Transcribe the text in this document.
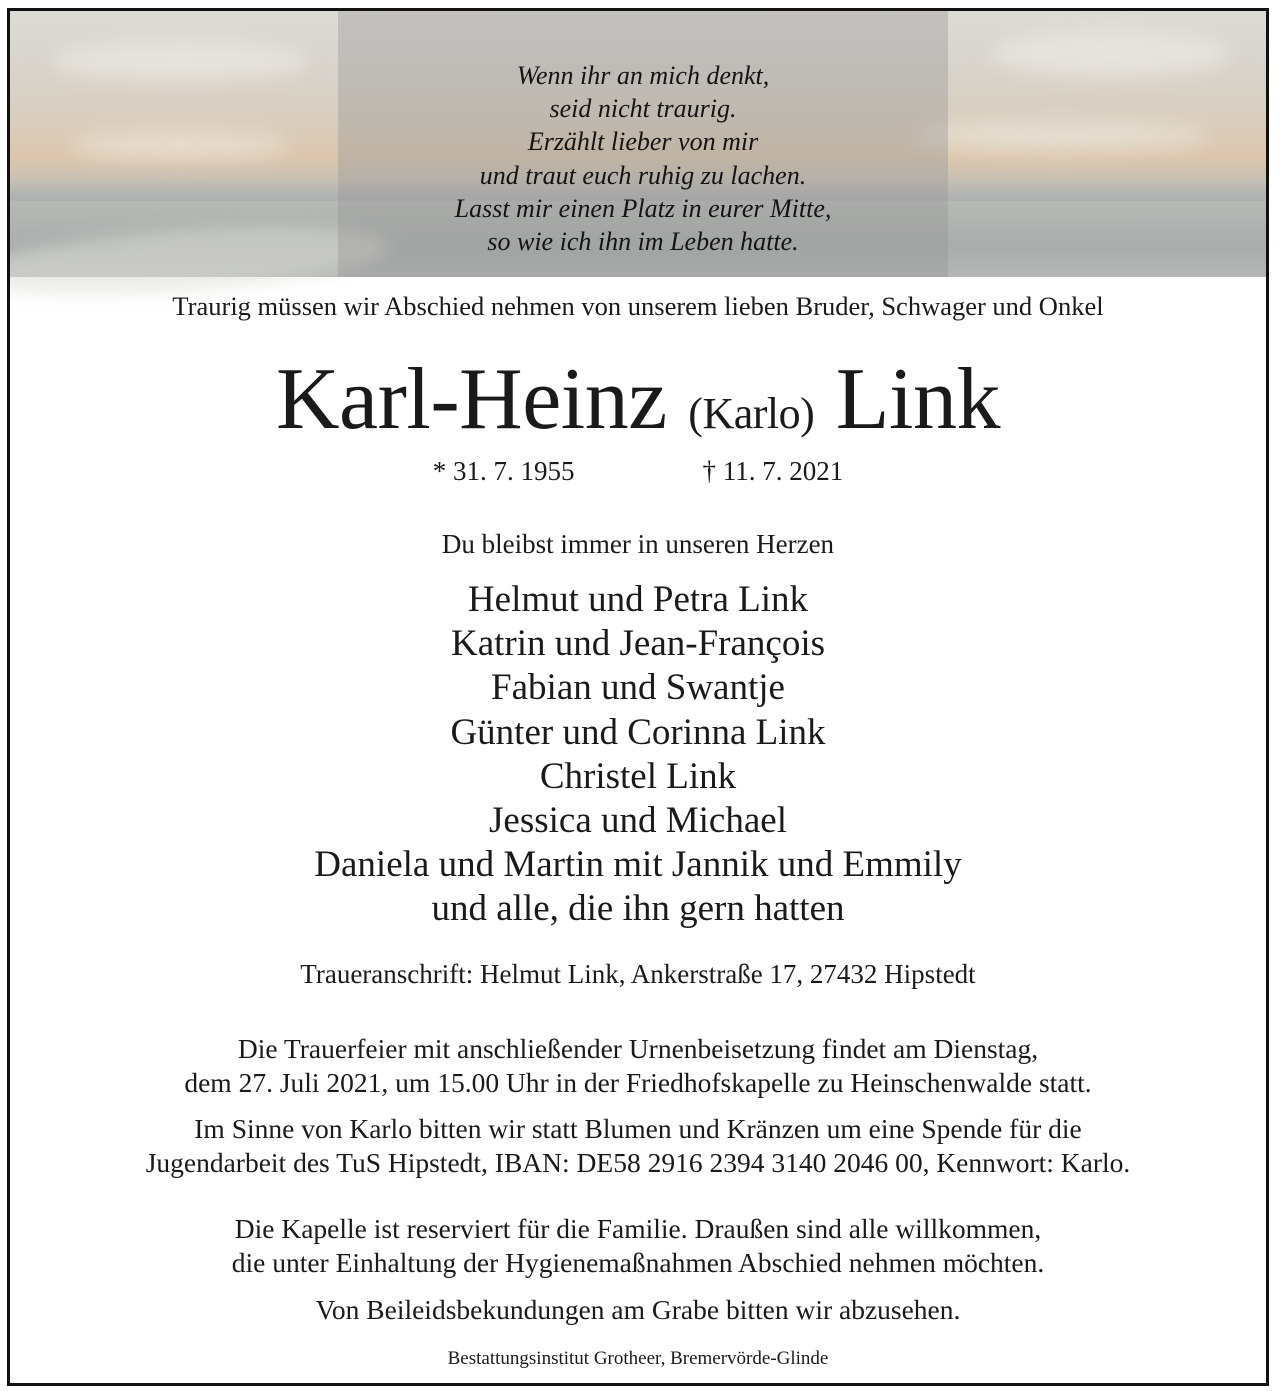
Wenn ihr an mich denkt,
seid nicht traurig.
Erzählt lieber von mir
und traut euch ruhig zu lachen.
Lasst mir einen Platz in eurer Mitte,
so wie ich ihn im Leben hatte.
Traurig müssen wir Abschied nehmen von unserem lieben Bruder, Schwager und Onkel
Karl-Heinz (Karlo) Link
* 31. 7. 1955	† 11. 7. 2021
Du bleibst immer in unseren Herzen
Helmut und Petra Link
Katrin und Jean-François
Fabian und Swantje
Günter und Corinna Link
Christel Link
Jessica und Michael
Daniela und Martin mit Jannik und Emmily
und alle, die ihn gern hatten
Traueranschrift: Helmut Link, Ankerstraße 17, 27432 Hipstedt
Die Trauerfeier mit anschließender Urnenbeisetzung findet am Dienstag,
dem 27. Juli 2021, um 15.00 Uhr in der Friedhofskapelle zu Heinschenwalde statt.
Im Sinne von Karlo bitten wir statt Blumen und Kränzen um eine Spende für die
Jugendarbeit des TuS Hipstedt, IBAN: DE58 2916 2394 3140 2046 00, Kennwort: Karlo.
Die Kapelle ist reserviert für die Familie. Draußen sind alle willkommen,
die unter Einhaltung der Hygienemaßnahmen Abschied nehmen möchten.
Von Beileidsbekundungen am Grabe bitten wir abzusehen.
Bestattungsinstitut Grotheer, Bremervörde-Glinde
